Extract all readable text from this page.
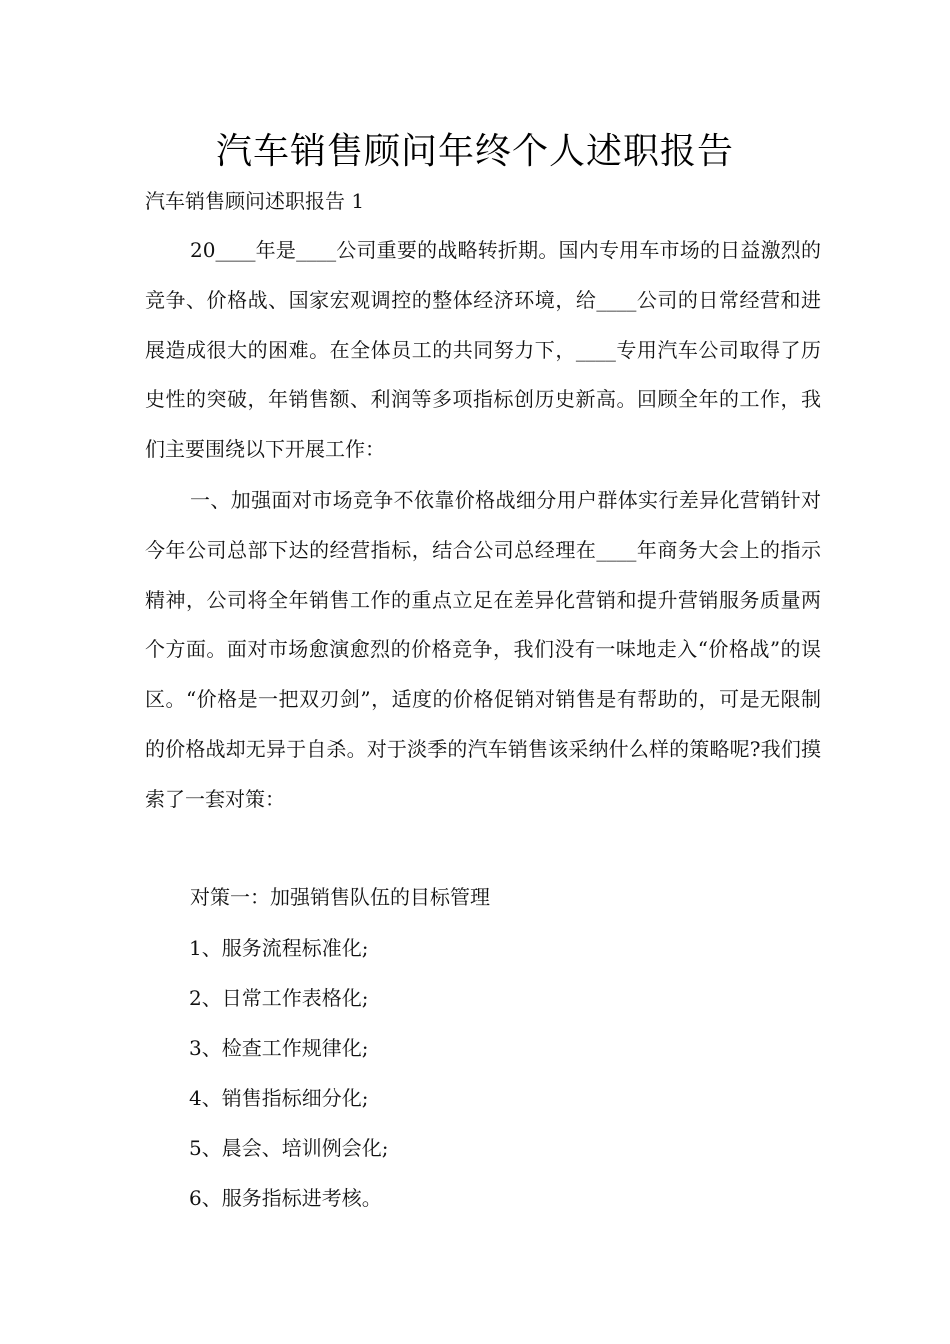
汽车销售顾问年终个人述职报告
汽车销售顾问述职报告 1

20____年是____公司重要的战略转折期。国内专用车市场的日益激烈的竞争、价格战、国家宏观调控的整体经济环境，给____公司的日常经营和进展造成很大的困难。在全体员工的共同努力下，____专用汽车公司取得了历史性的突破，年销售额、利润等多项指标创历史新高。回顾全年的工作，我们主要围绕以下开展工作：

一、加强面对市场竞争不依靠价格战细分用户群体实行差异化营销针对今年公司总部下达的经营指标，结合公司总经理在____年商务大会上的指示精神，公司将全年销售工作的重点立足在差异化营销和提升营销服务质量两个方面。面对市场愈演愈烈的价格竞争，我们没有一味地走入“价格战”的误区。“价格是一把双刃剑”，适度的价格促销对销售是有帮助的，可是无限制的价格战却无异于自杀。对于淡季的汽车销售该采纳什么样的策略呢?我们摸索了一套对策：

对策一：加强销售队伍的目标管理

1、服务流程标准化;
2、日常工作表格化;
3、检查工作规律化;
4、销售指标细分化;
5、晨会、培训例会化;
6、服务指标进考核。
